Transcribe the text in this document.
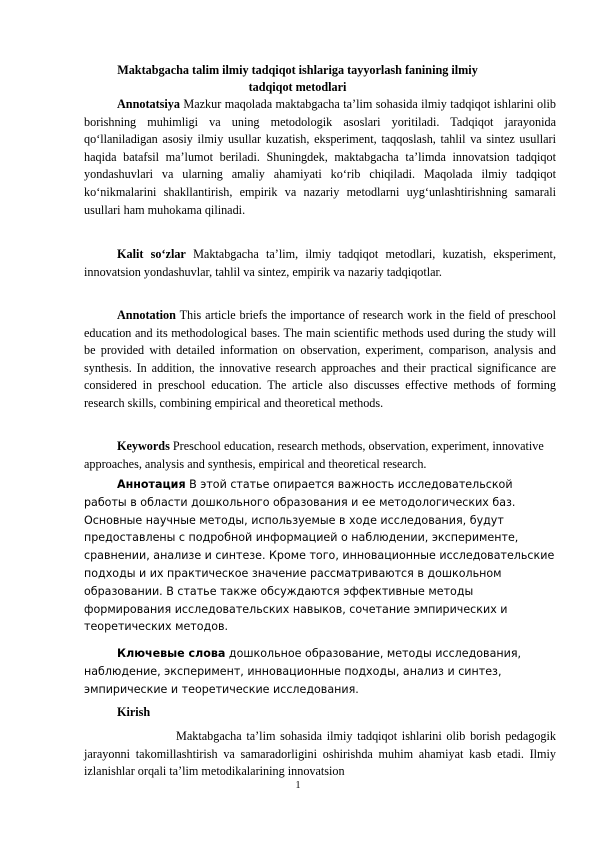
Maktabgacha talim ilmiy tadqiqot ishlariga tayyorlash fanining ilmiy tadqiqot metodlari
Annotatsiya Mazkur maqolada maktabgacha ta’lim sohasida ilmiy tadqiqot ishlarini olib borishning muhimligi va uning metodologik asoslari yoritiladi. Tadqiqot jarayonida qo‘llaniladigan asosiy ilmiy usullar kuzatish, eksperiment, taqqoslash, tahlil va sintez usullari haqida batafsil ma’lumot beriladi. Shuningdek, maktabgacha ta’limda innovatsion tadqiqot yondashuvlari va ularning amaliy ahamiyati ko‘rib chiqiladi. Maqolada ilmiy tadqiqot ko‘nikmalarini shakllantirish, empirik va nazariy metodlarni uyg‘unlashtirishning samarali usullari ham muhokama qilinadi.
Kalit so‘zlar Maktabgacha ta’lim, ilmiy tadqiqot metodlari, kuzatish, eksperiment, innovatsion yondashuvlar, tahlil va sintez, empirik va nazariy tadqiqotlar.
Annotation This article briefs the importance of research work in the field of preschool education and its methodological bases. The main scientific methods used during the study will be provided with detailed information on observation, experiment, comparison, analysis and synthesis. In addition, the innovative research approaches and their practical significance are considered in preschool education. The article also discusses effective methods of forming research skills, combining empirical and theoretical methods.
Keywords Preschool education, research methods, observation, experiment, innovative approaches, analysis and synthesis, empirical and theoretical research.
Аннотация В этой статье опирается важность исследовательской работы в области дошкольного образования и ее методологических баз. Основные научные методы, используемые в ходе исследования, будут предоставлены с подробной информацией о наблюдении, эксперименте, сравнении, анализе и синтезе. Кроме того, инновационные исследовательские подходы и их практическое значение рассматриваются в дошкольном образовании. В статье также обсуждаются эффективные методы формирования исследовательских навыков, сочетание эмпирических и теоретических методов.
Ключевые слова дошкольное образование, методы исследования, наблюдение, эксперимент, инновационные подходы, анализ и синтез, эмпирические и теоретические исследования.
Kirish
Maktabgacha ta’lim sohasida ilmiy tadqiqot ishlarini olib borish pedagogik jarayonni takomillashtirish va samaradorligini oshirishda muhim ahamiyat kasb etadi. Ilmiy izlanishlar orqali ta’lim metodikalarining innovatsion
1
